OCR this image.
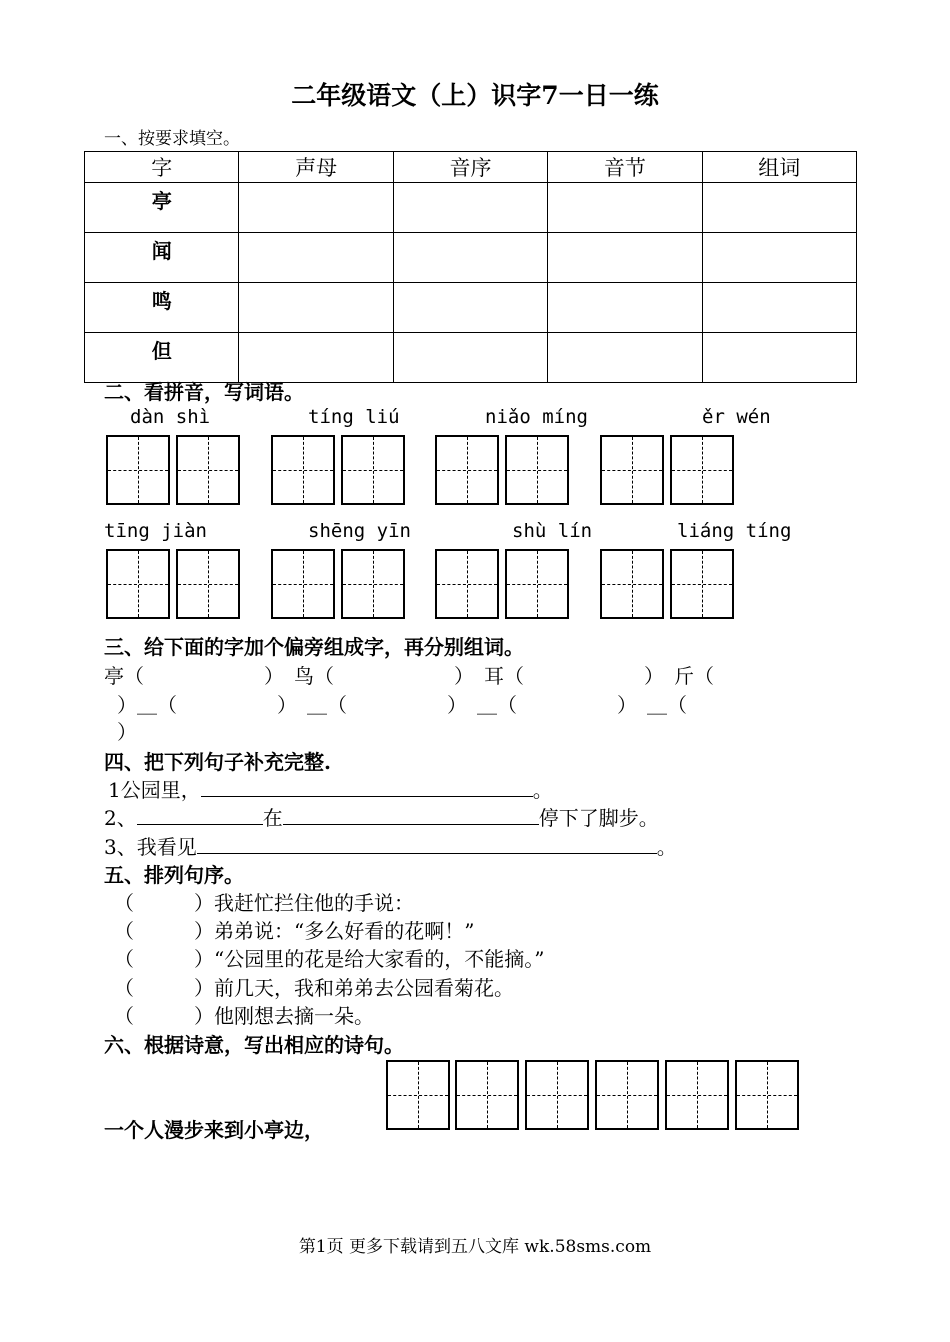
二年级语文（上）识字7一日一练
一、按要求填空。
字	声母	音序	音节	组词
亭				
闻				
鸣				
但				
二、看拼音，写词语。
dàn shì	tíng liú	niǎo míng	ěr wén
tīng jiàn	shēng yīn	shù lín	liáng tíng
三、给下面的字加个偏旁组成字，再分别组词。
亭（　　　　　　）　鸟（　　　　　　）　耳（　　　　　　）　斤（
）＿（　　　　　）　＿（　　　　　）　＿（　　　　　）　＿（
）
四、把下列句子补充完整.
1公园里，	。
2、	在	停下了脚步。
3、我看见	。
五、排列句序。
（　　　）我赶忙拦住他的手说：
（　　　）弟弟说：“多么好看的花啊！”
（　　　）“公园里的花是给大家看的，不能摘。”
（　　　）前几天，我和弟弟去公园看菊花。
（　　　）他刚想去摘一朵。
六、根据诗意，写出相应的诗句。
一个人漫步来到小亭边，
第1页 更多下载请到五八文库 wk.58sms.com
